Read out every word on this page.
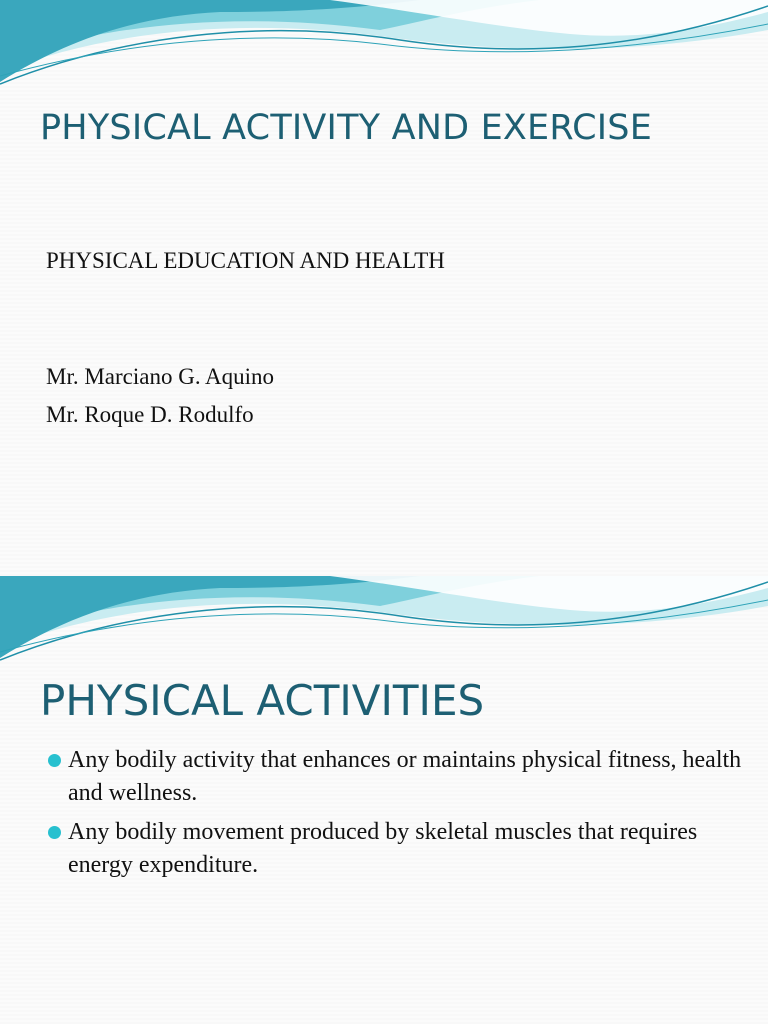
PHYSICAL ACTIVITY AND EXERCISE

PHYSICAL EDUCATION AND HEALTH

Mr. Marciano G. Aquino

Mr. Roque D. Rodulfo

PHYSICAL ACTIVITIES
Any bodily activity that enhances or maintains physical fitness, health and wellness.
Any bodily movement produced by skeletal muscles that requires energy expenditure.
